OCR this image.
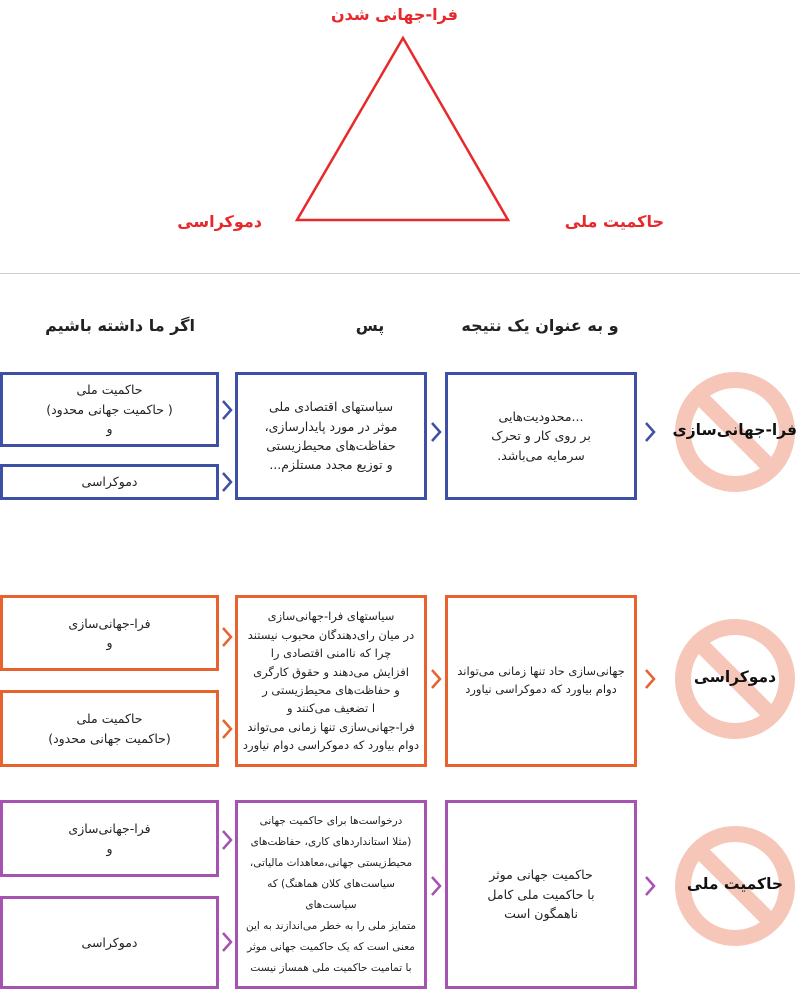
فرا-جهانی شدن
دموکراسی	حاکمیت ملی
اگر ما داشته باشیم	پس	و به عنوان یک نتیجه
حاکمیت ملی
( حاکمیت جهانی محدود)
و
دموکراسی
سیاستهای اقتصادی ملی
موثر در مورد پایدارسازی،
حفاظت‌های محیط‌زیستی
و توزیع مجدد مستلزم...
...محدودیت‌هایی
بر روی کار و تحرک
سرمایه می‌باشد.
فرا-جهانی‌سازی
فرا-جهانی‌سازی
و
حاکمیت ملی
(حاکمیت جهانی محدود)
سیاستهای فرا-جهانی‌سازی
در میان رای‌دهندگان محبوب نیستند
چرا که ناامنی اقتصادی را
افزایش می‌دهند و حقوق کارگری
و حفاظت‌های محیط‌زیستی ر
ا تضعیف می‌کنند و
فرا-جهانی‌سازی تنها زمانی می‌تواند
دوام بیاورد که دموکراسی دوام نیاورد
جهانی‌سازی حاد تنها زمانی می‌تواند
دوام بیاورد که دموکراسی نیاورد
دموکراسی
فرا-جهانی‌سازی
و
دموکراسی
درخواست‌ها برای حاکمیت جهانی
(مثلا استانداردهای کاری، حفاظت‌های
محیط‌زیستی جهانی،معاهدات مالیاتی،
سیاست‌های کلان هماهنگ) که سیاست‌های
متمایز ملی را به خطر می‌اندازند به این
معنی است که یک حاکمیت جهانی موثر
با تمامیت حاکمیت ملی همساز نیست
حاکمیت جهانی موثر
با حاکمیت ملی کامل
ناهمگون است
حاکمیت ملی
